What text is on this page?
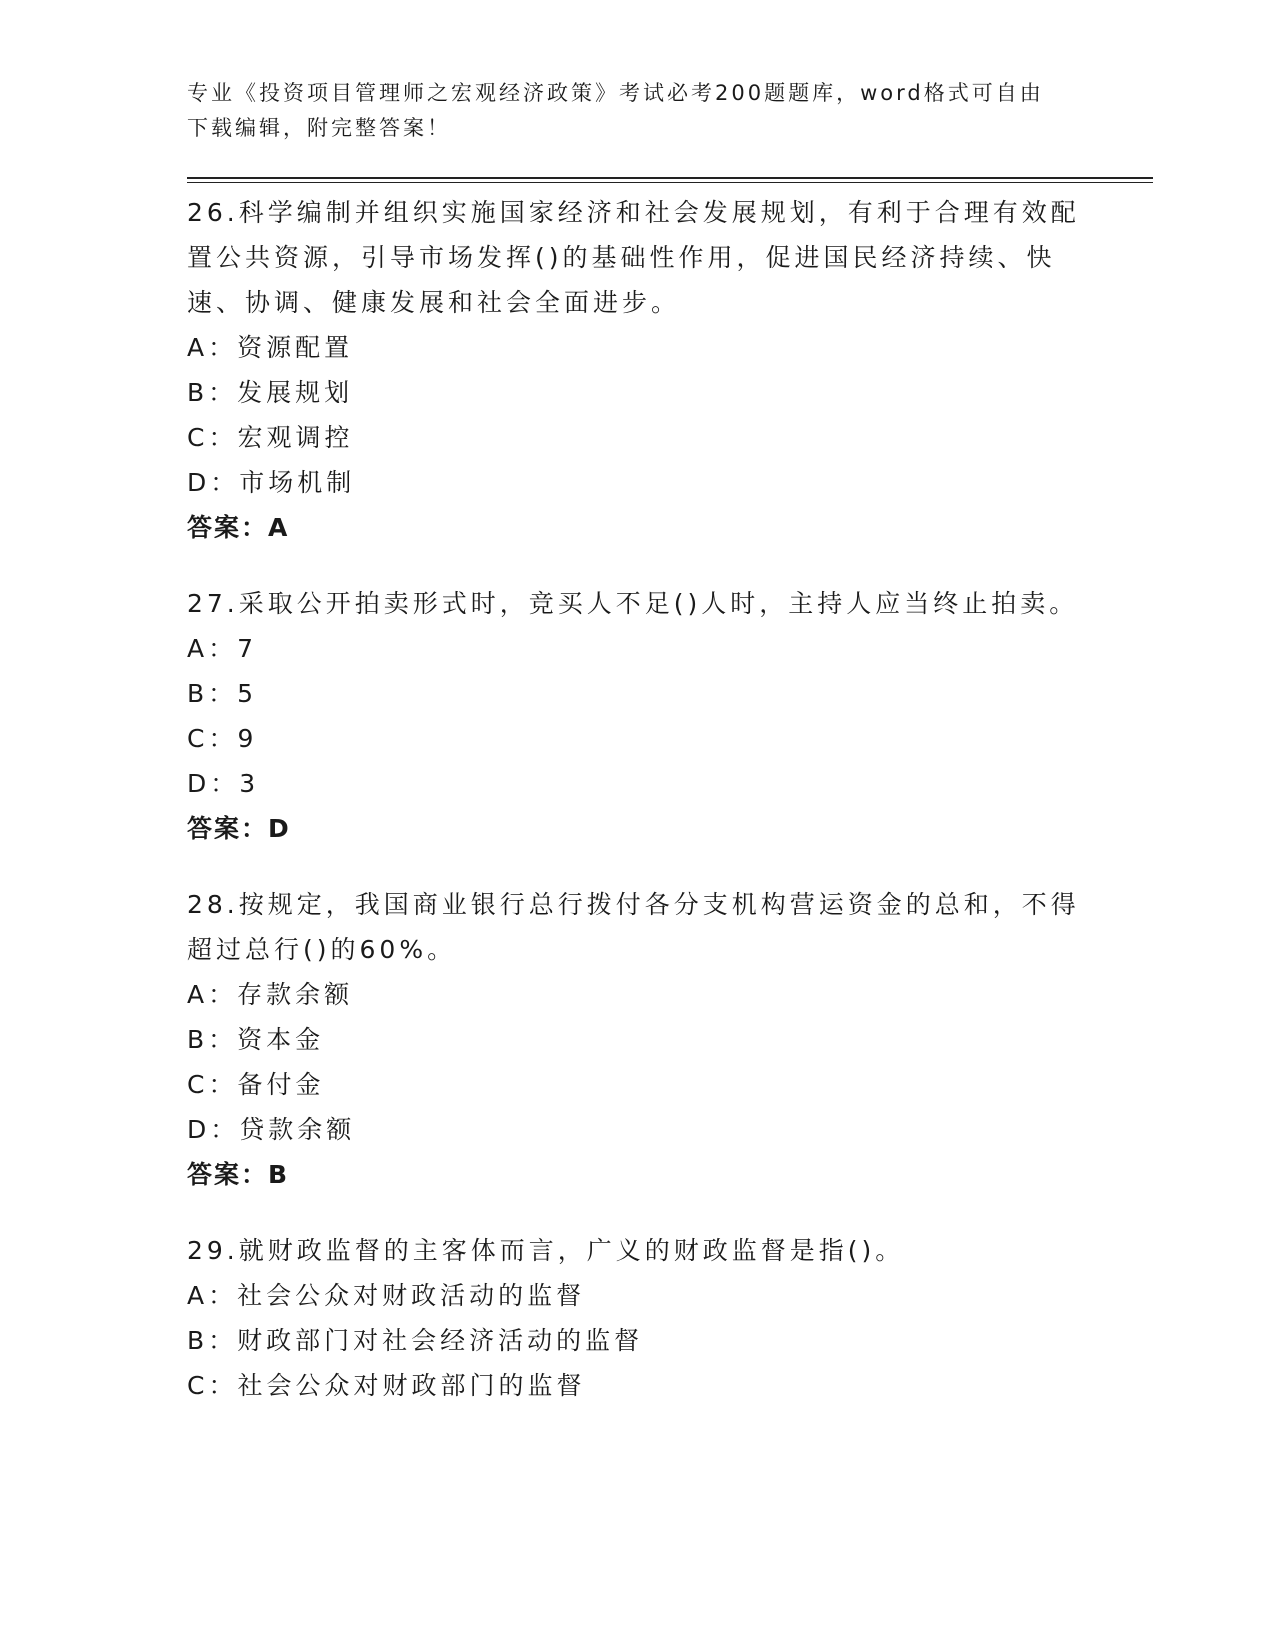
专业《投资项目管理师之宏观经济政策》考试必考200题题库，word格式可自由下载编辑，附完整答案！
26.科学编制并组织实施国家经济和社会发展规划，有利于合理有效配置公共资源，引导市场发挥()的基础性作用，促进国民经济持续、快速、协调、健康发展和社会全面进步。
A：资源配置
B：发展规划
C：宏观调控
D：市场机制
答案：A
27.采取公开拍卖形式时，竞买人不足()人时，主持人应当终止拍卖。
A：7
B：5
C：9
D：3
答案：D
28.按规定，我国商业银行总行拨付各分支机构营运资金的总和，不得超过总行()的60%。
A：存款余额
B：资本金
C：备付金
D：贷款余额
答案：B
29.就财政监督的主客体而言，广义的财政监督是指()。
A：社会公众对财政活动的监督
B：财政部门对社会经济活动的监督
C：社会公众对财政部门的监督
